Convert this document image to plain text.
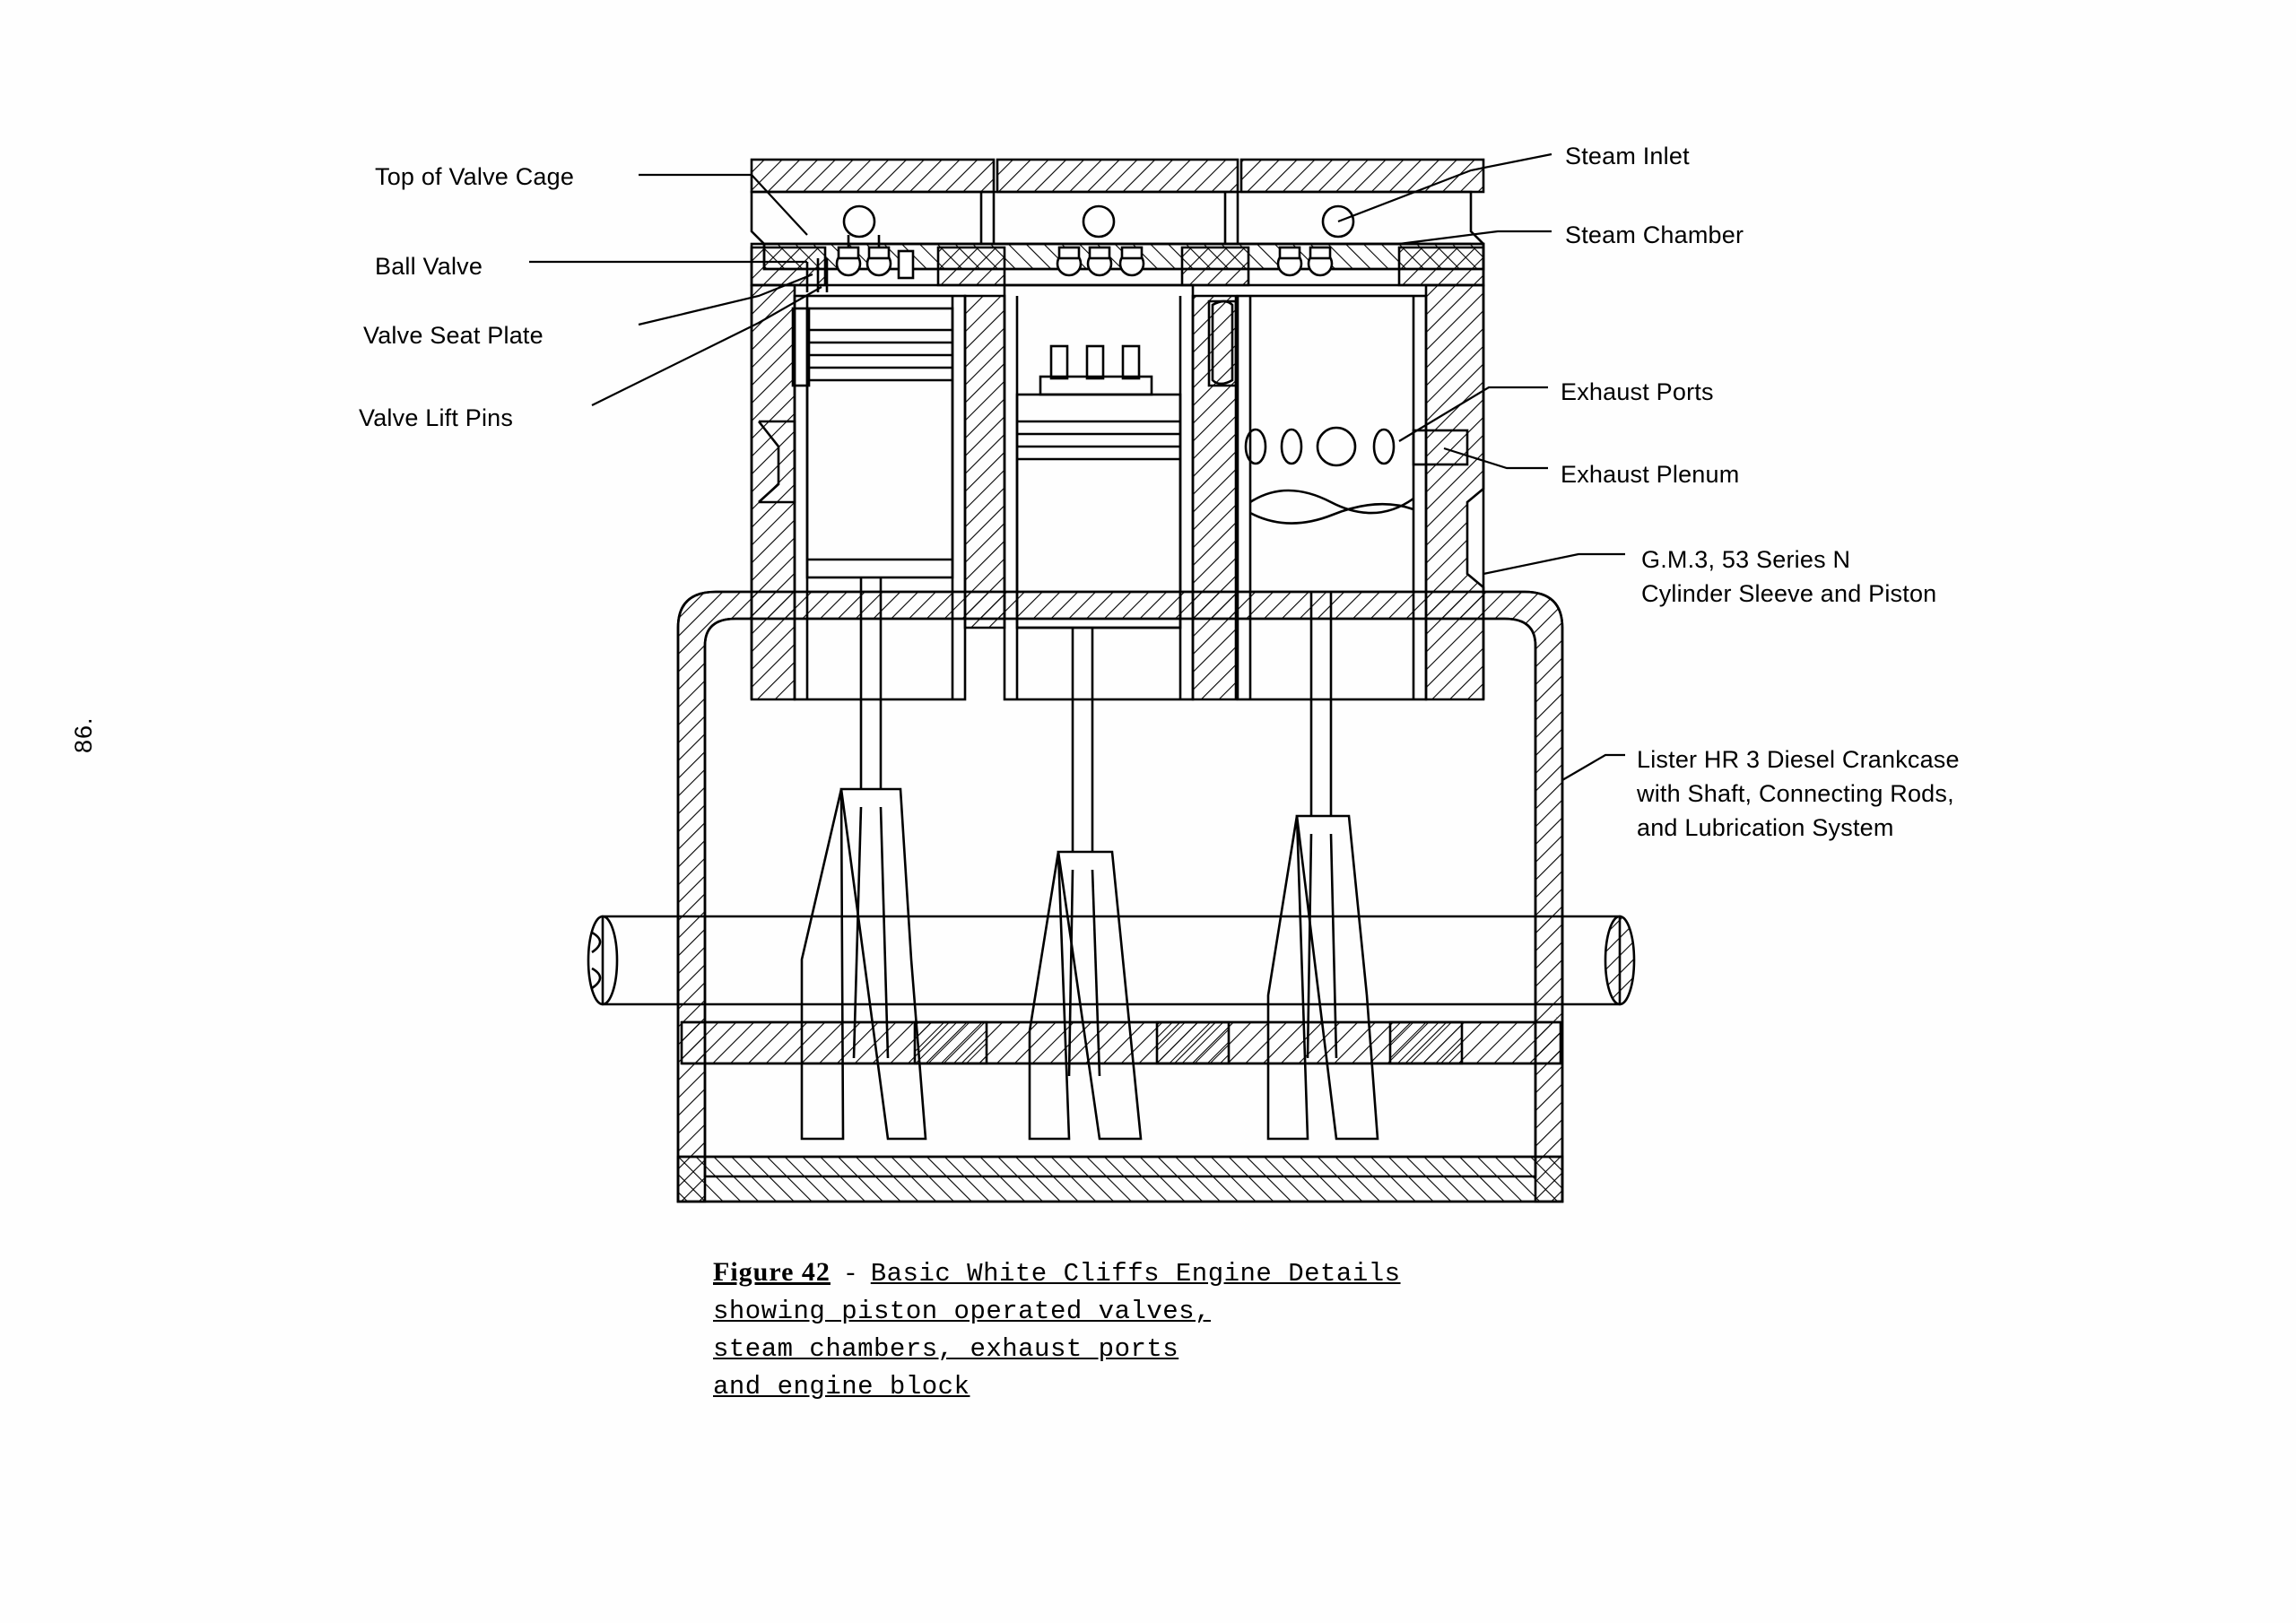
86.
Top of Valve Cage
Ball Valve
Valve Seat Plate
Valve Lift Pins
Steam Inlet
Steam Chamber
Exhaust Ports
Exhaust Plenum
G.M.3, 53 Series N Cylinder Sleeve and Piston
Lister HR 3 Diesel Crankcase with Shaft, Connecting Rods, and Lubrication System
Figure 42 - Basic White Cliffs Engine Details
showing piston operated valves,
steam chambers, exhaust ports
and engine block
